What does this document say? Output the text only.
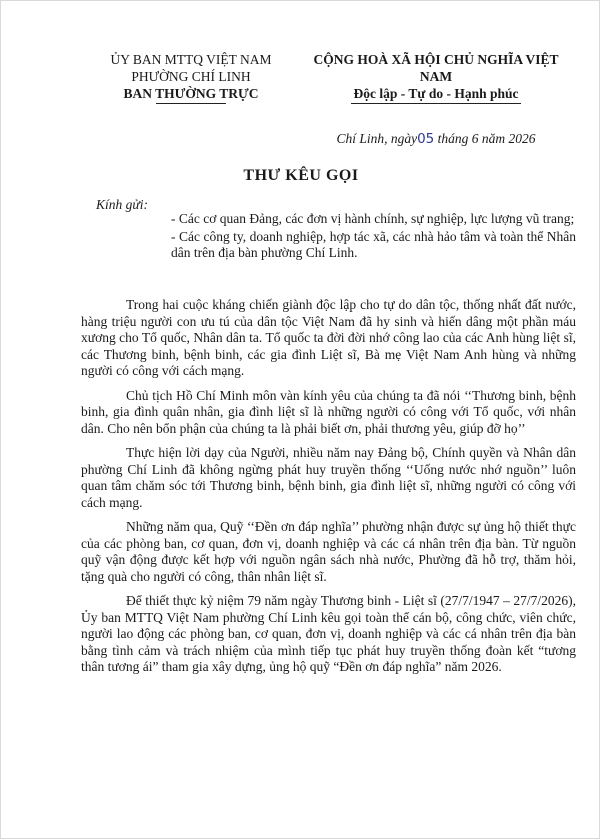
ỦY BAN MTTQ VIỆT NAM
PHƯỜNG CHÍ LINH
BAN THƯỜNG TRỰC
CỘNG HOÀ XÃ HỘI CHỦ NGHĨA VIỆT NAM
Độc lập - Tự do - Hạnh phúc
Chí Linh, ngày05 tháng 6 năm 2026
THƯ KÊU GỌI
Kính gửi:

- Các cơ quan Đảng, các đơn vị hành chính, sự nghiệp, lực lượng vũ trang;

- Các công ty, doanh nghiệp, hợp tác xã, các nhà hảo tâm và toàn thể Nhân dân trên địa bàn phường Chí Linh.

Trong hai cuộc kháng chiến giành độc lập cho tự do dân tộc, thống nhất đất nước, hàng triệu người con ưu tú của dân tộc Việt Nam đã hy sinh và hiến dâng một phần máu xương cho Tổ quốc, Nhân dân ta. Tổ quốc ta đời đời nhớ công lao của các Anh hùng liệt sĩ, các Thương binh, bệnh binh, các gia đình Liệt sĩ, Bà mẹ Việt Nam Anh hùng và những người có công với cách mạng.

Chủ tịch Hồ Chí Minh môn vàn kính yêu của chúng ta đã nói ‘‘Thương binh, bệnh binh, gia đình quân nhân, gia đình liệt sĩ là những người có công với Tổ quốc, với nhân dân. Cho nên bổn phận của chúng ta là phải biết ơn, phải thương yêu, giúp đỡ họ’’

Thực hiện lời dạy của Người, nhiều năm nay Đảng bộ, Chính quyền và Nhân dân phường Chí Linh đã không ngừng phát huy truyền thống ‘‘Uống nước nhớ nguồn’’ luôn quan tâm chăm sóc tới Thương binh, bệnh binh, gia đình liệt sĩ, những người có công với cách mạng.

Những năm qua, Quỹ ‘‘Đền ơn đáp nghĩa’’ phường nhận được sự ủng hộ thiết thực của các phòng ban, cơ quan, đơn vị, doanh nghiệp và các cá nhân trên địa bàn. Từ nguồn quỹ vận động được kết hợp với nguồn ngân sách nhà nước, Phường đã hỗ trợ, thăm hỏi, tặng quà cho người có công, thân nhân liệt sĩ.

Để thiết thực kỷ niệm 79 năm ngày Thương binh - Liệt sĩ (27/7/1947 – 27/7/2026), Ủy ban MTTQ Việt Nam phường Chí Linh kêu gọi toàn thể cán bộ, công chức, viên chức, người lao động các phòng ban, cơ quan, đơn vị, doanh nghiệp và các cá nhân trên địa bàn bằng tình cảm và trách nhiệm của mình tiếp tục phát huy truyền thống đoàn kết “tương thân tương ái” tham gia xây dựng, ủng hộ quỹ “Đền ơn đáp nghĩa” năm 2026.
